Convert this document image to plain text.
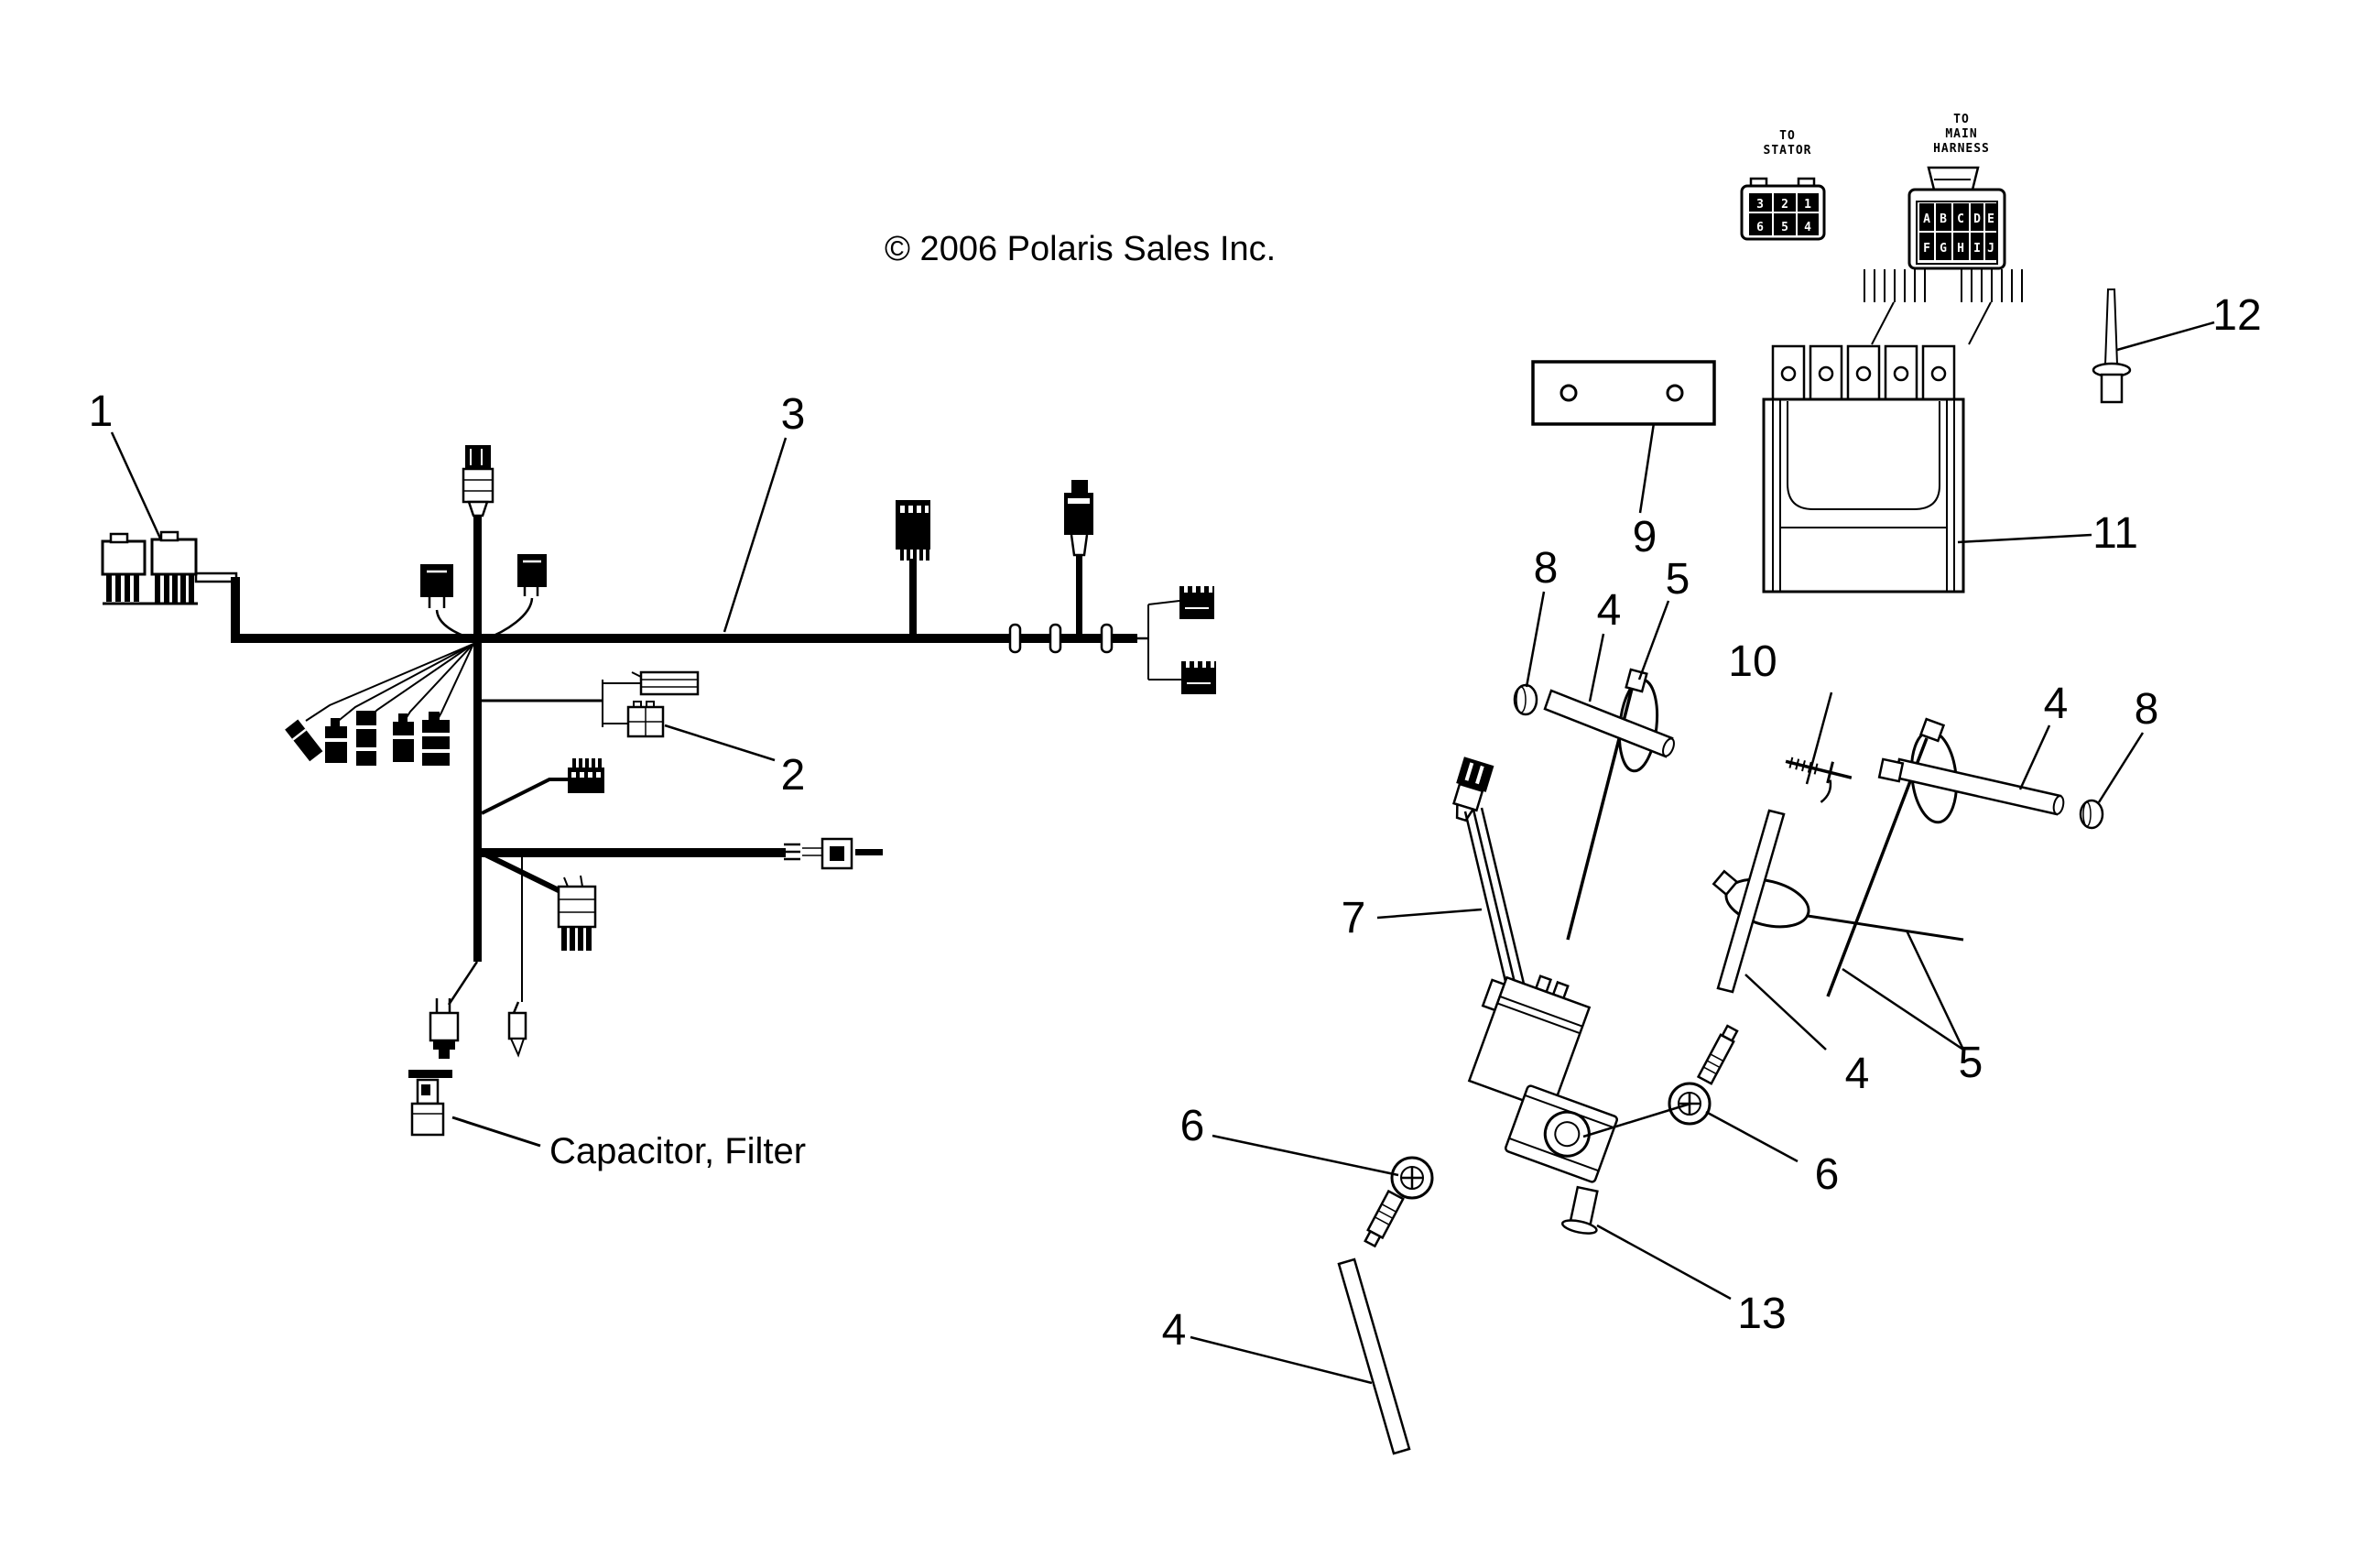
© 2006 Polaris Sales Inc.
Capacitor, Filter
TO
STATOR
3 2 1
6 5 4
TO
MAIN
HARNESS
A B C D E
F G H I J
1	3
2
9
8
4
5
10
4 8
11
12
7
6
6
4 5
4	13
